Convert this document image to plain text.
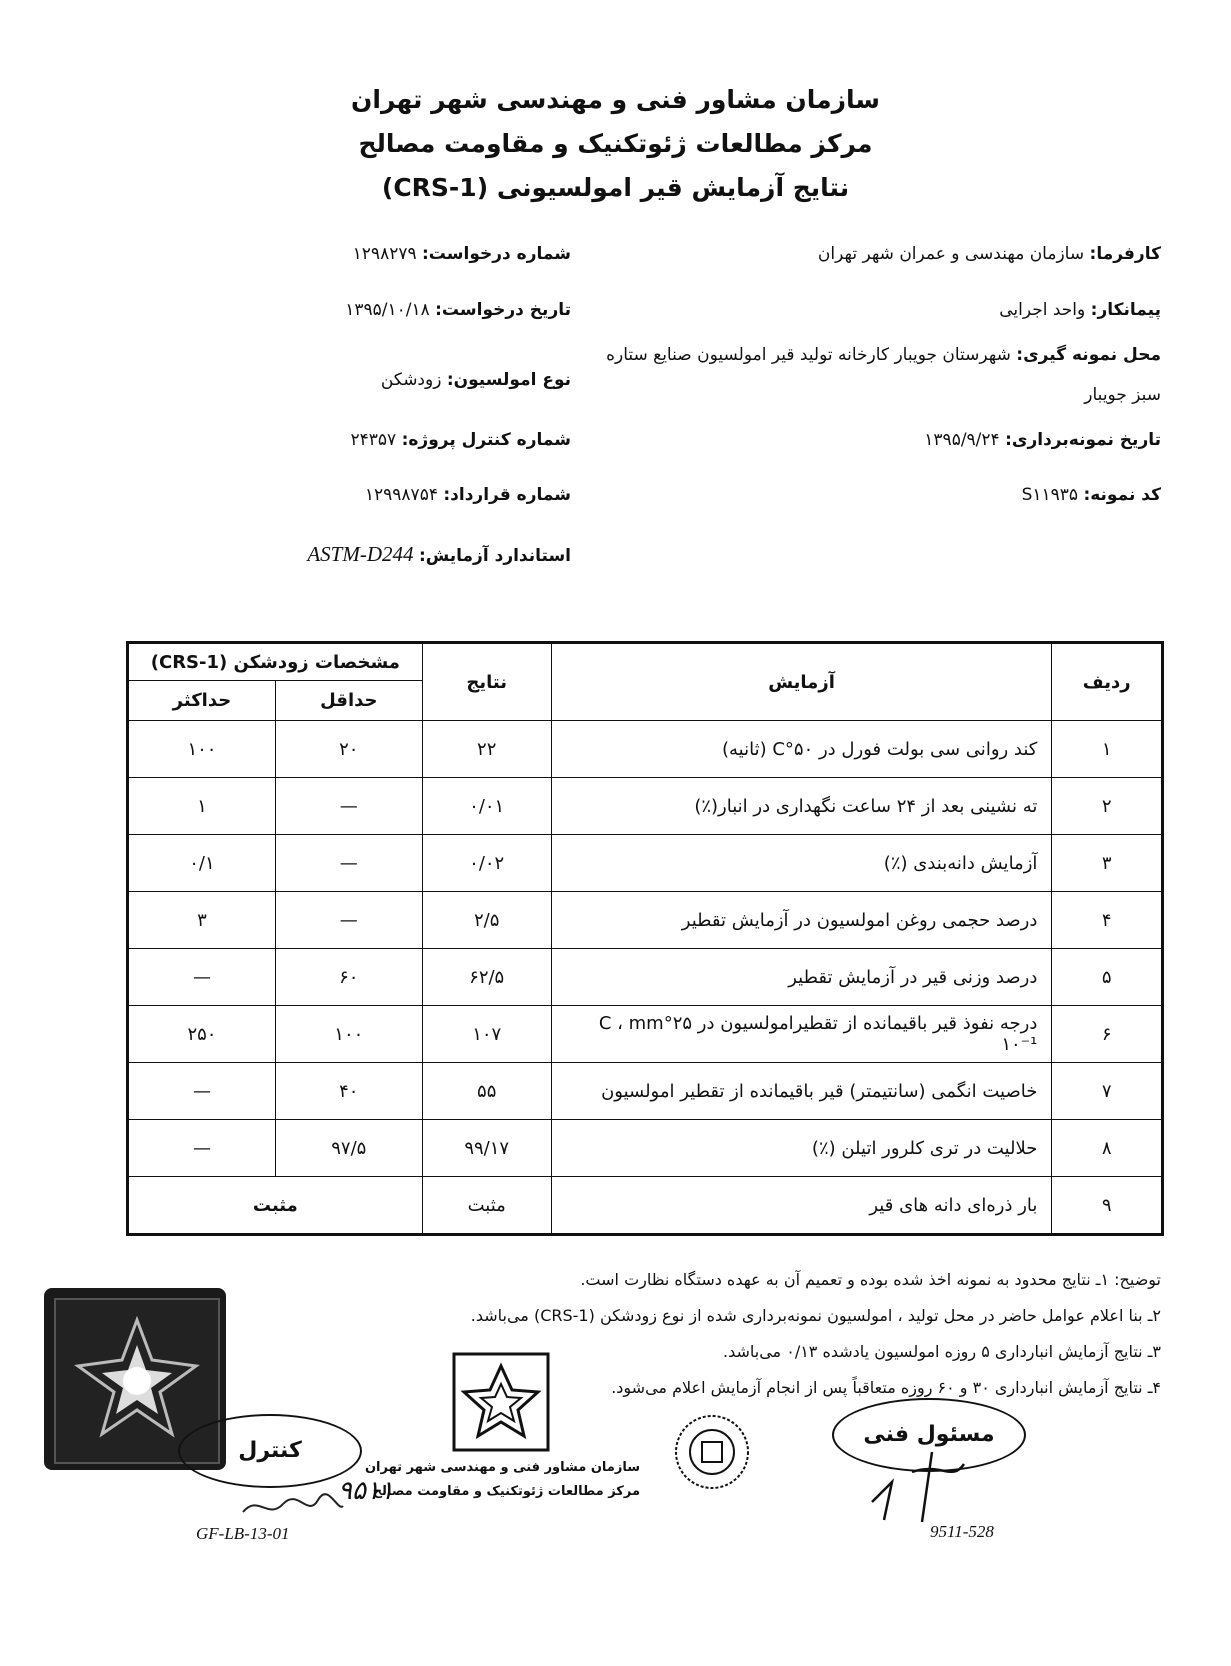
سازمان مشاور فنی و مهندسی شهر تهران
مرکز مطالعات ژئوتکنیک و مقاومت مصالح
نتایج آزمایش قیر امولسیونی (CRS-1)
کارفرما: سازمان مهندسی و عمران شهر تهران
پیمانکار: واحد اجرایی
محل نمونه گیری: شهرستان جویبار کارخانه تولید قیر امولسیون صنایع ستاره
سبز جویبار
تاریخ نمونه‌برداری: ۱۳۹۵/۹/۲۴
کد نمونه: S۱۱۹۳۵
شماره درخواست: ۱۲۹۸۲۷۹
تاریخ درخواست: ۱۳۹۵/۱۰/۱۸
نوع امولسیون: زودشکن
شماره کنترل پروژه: ۲۴۳۵۷
شماره قرارداد: ۱۲۹۹۸۷۵۴
استاندارد آزمایش: ASTM-D244
ردیف	آزمایش	نتایج	مشخصات زودشکن (CRS-1)	
			حداقل	حداکثر
۱	کند روانی سی بولت فورل در ۵۰°C (ثانیه)	۲۲	۲۰	۱۰۰
۲	ته نشینی بعد از ۲۴ ساعت نگهداری در انبار(٪)	۰/۰۱	—	۱
۳	آزمایش دانه‌بندی (٪)	۰/۰۲	—	۰/۱
۴	درصد حجمی روغن امولسیون در آزمایش تقطیر	۲/۵	—	۳
۵	درصد وزنی قیر در آزمایش تقطیر	۶۲/۵	۶۰	—
۶	درجه نفوذ قیر باقیمانده از تقطیرامولسیون در ۲۵°C ، mm ۱۰⁻¹	۱۰۷	۱۰۰	۲۵۰
۷	خاصیت انگمی (سانتیمتر) قیر باقیمانده از تقطیر امولسیون	۵۵	۴۰	—
۸	حلالیت در تری کلرور اتیلن (٪)	۹۹/۱۷	۹۷/۵	—
۹	بار ذره‌ای دانه های قیر	مثبت	مثبت	
توضیح: ۱ـ نتایج محدود به نمونه اخذ شده بوده و تعمیم آن به عهده دستگاه نظارت است.
۲ـ بنا اعلام عوامل حاضر در محل تولید ، امولسیون نمونه‌برداری شده از نوع زودشکن (CRS-1) می‌باشد.
۳ـ نتایج آزمایش انبارداری ۵ روزه امولسیون یادشده ۰/۱۳ می‌باشد.
۴ـ نتایج آزمایش انبارداری ۳۰ و ۶۰ روزه متعاقباً پس از انجام آزمایش اعلام می‌شود.
کنترل
سازمان مشاور فنی و مهندسی شهر تهران
مرکز مطالعات ژئوتکنیک و مقاومت مصالح
۹۵۱۱
مسئول فنی
GF-LB-13-01	9511-528
